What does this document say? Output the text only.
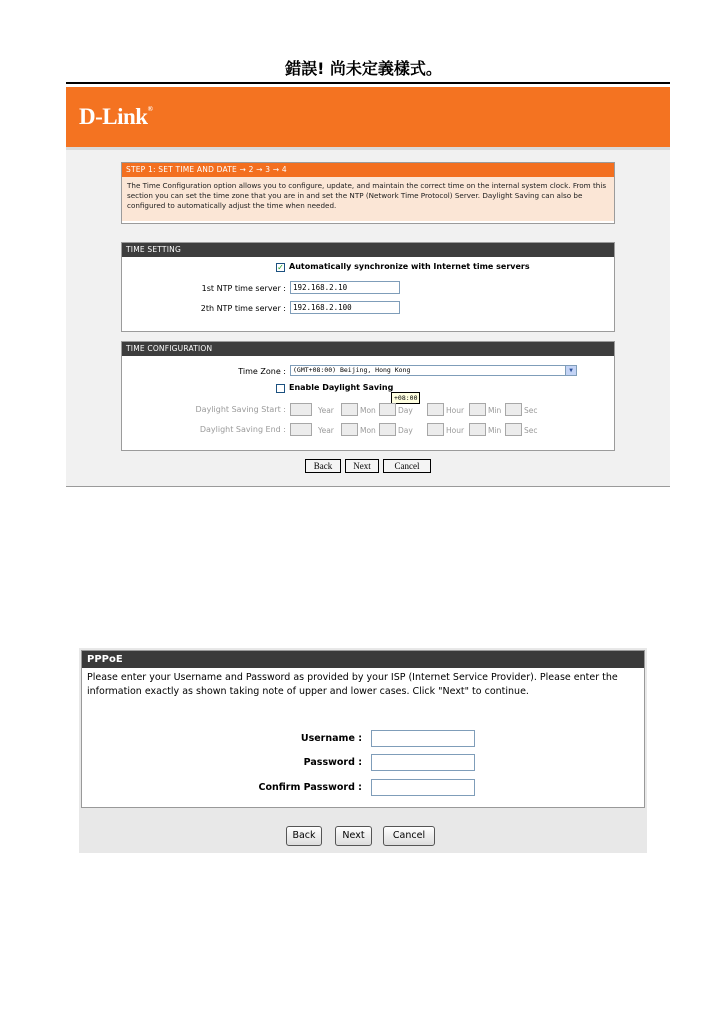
錯誤! 尚未定義樣式。
D-Link®
STEP 1: SET TIME AND DATE → 2 → 3 → 4
The Time Configuration option allows you to configure, update, and maintain the correct time on the internal system clock. From this section you can set the time zone that you are in and set the NTP (Network Time Protocol) Server. Daylight Saving can also be configured to automatically adjust the time when needed.
TIME SETTING
✓ Automatically synchronize with Internet time servers
1st NTP time server : 192.168.2.10
2th NTP time server : 192.168.2.100
TIME CONFIGURATION
Time Zone :	(GMT+08:00) Beijing, Hong Kong	▼
Enable Daylight Saving
+08:00
Daylight Saving Start :	Year	Mon	Day	Hour	Min	Sec
Daylight Saving End :	Year	Mon	Day	Hour	Min	Sec
Back	Next	Cancel
PPPoE
Please enter your Username and Password as provided by your ISP (Internet Service Provider). Please enter the information exactly as shown taking note of upper and lower cases. Click "Next" to continue.
Username :
Password :
Confirm Password :
Back	Next	Cancel
